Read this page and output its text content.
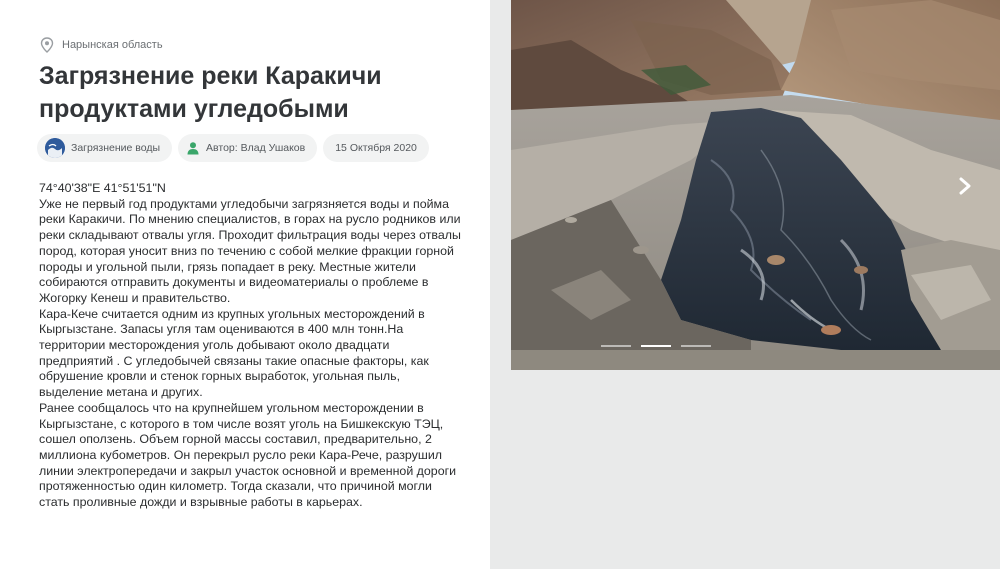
Нарынская область
Загрязнение реки Каракичи продуктами угледобыми
Загрязнение воды	Автор: Влад Ушаков	15 Октября 2020

74°40'38"E 41°51'51"N

Уже не первый год продуктами угледобычи загрязняется воды и пойма реки Каракичи. По мнению специалистов, в горах на русло родников или реки складывают отвалы угля. Проходит фильтрация воды через отвалы пород, которая уносит вниз по течению с собой мелкие фракции горной породы и угольной пыли, грязь попадает в реку. Местные жители собираются отправить документы и видеоматериалы о проблеме в Жогорку Кенеш и правительство.

Кара-Кече считается одним из крупных угольных месторождений в Кыргызстане. Запасы угля там оцениваются в 400 млн тонн.На территории месторождения уголь добывают около двадцати предприятий . С угледобычей связаны такие опасные факторы, как обрушение кровли и стенок горных выработок, угольная пыль, выделение метана и других.

Ранее сообщалось что на крупнейшем угольном месторождении в Кыргызстане, с которого в том числе возят уголь на Бишкекскую ТЭЦ, сошел оползень. Объем горной массы составил, предварительно, 2 миллиона кубометров. Он перекрыл русло реки Кара-Рече, разрушил линии электропередачи и закрыл участок основной и временной дороги протяженностью один километр. Тогда сказали, что причиной могли стать проливные дожди и взрывные работы в карьерах.
